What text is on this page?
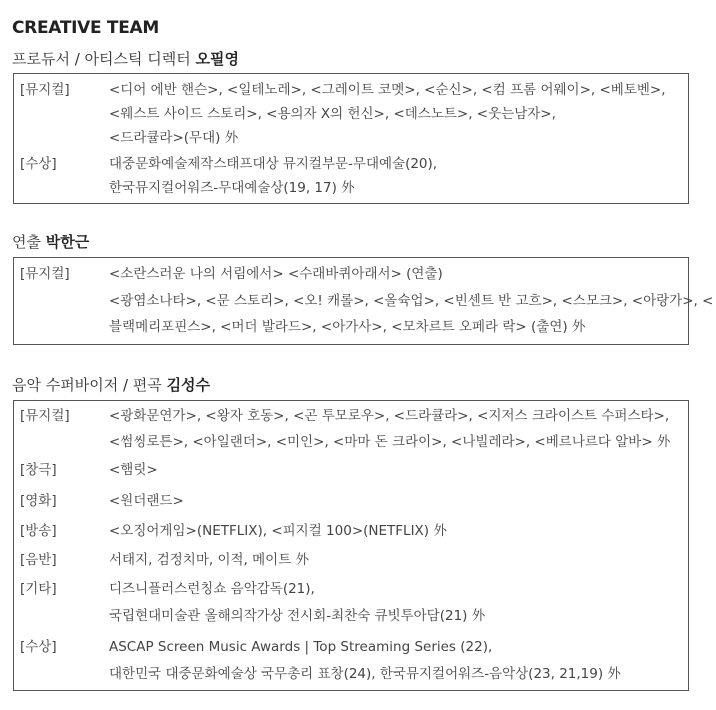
CREATIVE TEAM
프로듀서 / 아티스틱 디렉터 오필영
[뮤지컬]	<디어 에반 핸슨>, <일테노레>, <그레이트 코멧>, <순신>, <컴 프롬 어웨이>, <베토벤>,
<웨스트 사이드 스토리>, <용의자 X의 헌신>, <데스노트>, <웃는남자>,
<드라큘라>(무대) 外
[수상]	대중문화예술제작스태프대상 뮤지컬부문-무대예술(20),
한국뮤지컬어워즈-무대예술상(19, 17) 外
연출 박한근
[뮤지컬]	<소란스러운 나의 서림에서> <수래바퀴아래서> (연출)
<광염소나타>, <문 스토리>, <오! 캐롤>, <올슉업>, <빈센트 반 고흐>, <스모크>, <아랑가>, <
블랙메리포핀스>, <머더 발라드>, <아가사>, <모차르트 오페라 락> (출연) 外
음악 수퍼바이저 / 편곡 김성수
[뮤지컬]	<광화문연가>, <왕자 호동>, <곤 투모로우>, <드라큘라>, <지저스 크라이스트 수퍼스타>,
<썸씽로튼>, <아일랜더>, <미인>, <마마 돈 크라이>, <나빌레라>, <베르나르다 알바> 外
[창극]	<햄릿>
[영화]	<원더랜드>
[방송]	<오징어게임>(NETFLIX), <피지컬 100>(NETFLIX) 外
[음반]	서태지, 검정치마, 이적, 메이트 外
[기타]	디즈니플러스런칭쇼 음악감독(21),
국립현대미술관 올해의작가상 전시회-최찬숙 큐빗투아담(21) 外
[수상]	ASCAP Screen Music Awards | Top Streaming Series (22),
대한민국 대중문화예술상 국무총리 표창(24), 한국뮤지컬어워즈-음악상(23, 21,19) 外
